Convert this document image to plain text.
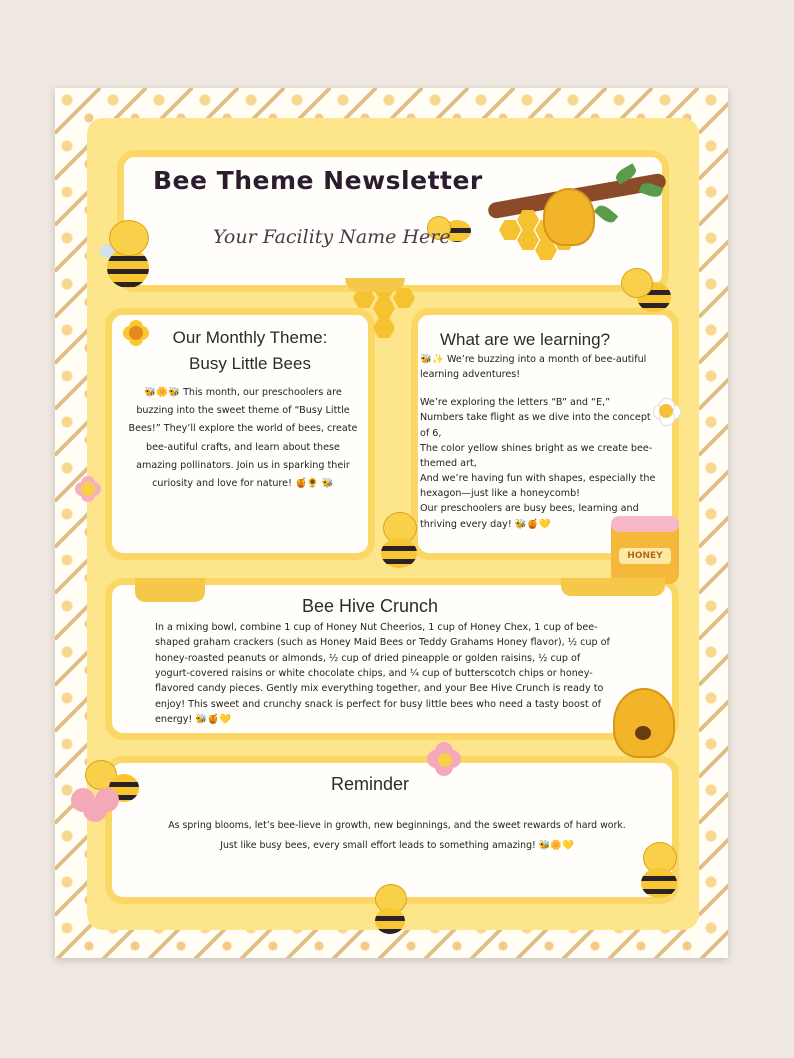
HONEY
Bee Theme Newsletter
Your Facility Name Here

Our Monthly Theme:

Busy Little Bees

🐝🌼🐝 This month, our preschoolers are buzzing into the sweet theme of “Busy Little Bees!” They’ll explore the world of bees, create bee-autiful crafts, and learn about these amazing pollinators. Join us in sparking their curiosity and love for nature! 🍯🌻 🐝

What are we learning?

🐝✨ We’re buzzing into a month of bee-autiful learning adventures!
We’re exploring the letters “B” and “E,”
Numbers take flight as we dive into the concept of 6,
The color yellow shines bright as we create bee-themed art,
And we’re having fun with shapes, especially the hexagon—just like a honeycomb!
Our preschoolers are busy bees, learning and thriving every day! 🐝🍯💛

Bee Hive Crunch

In a mixing bowl, combine 1 cup of Honey Nut Cheerios, 1 cup of Honey Chex, 1 cup of bee-shaped graham crackers (such as Honey Maid Bees or Teddy Grahams Honey flavor), ½ cup of honey-roasted peanuts or almonds, ½ cup of dried pineapple or golden raisins, ½ cup of yogurt-covered raisins or white chocolate chips, and ¼ cup of butterscotch chips or honey-flavored candy pieces. Gently mix everything together, and your Bee Hive Crunch is ready to enjoy! This sweet and crunchy snack is perfect for busy little bees who need a tasty boost of energy! 🐝🍯💛

Reminder

As spring blooms, let’s bee-lieve in growth, new beginnings, and the sweet rewards of hard work.
Just like busy bees, every small effort leads to something amazing! 🐝🌼💛
